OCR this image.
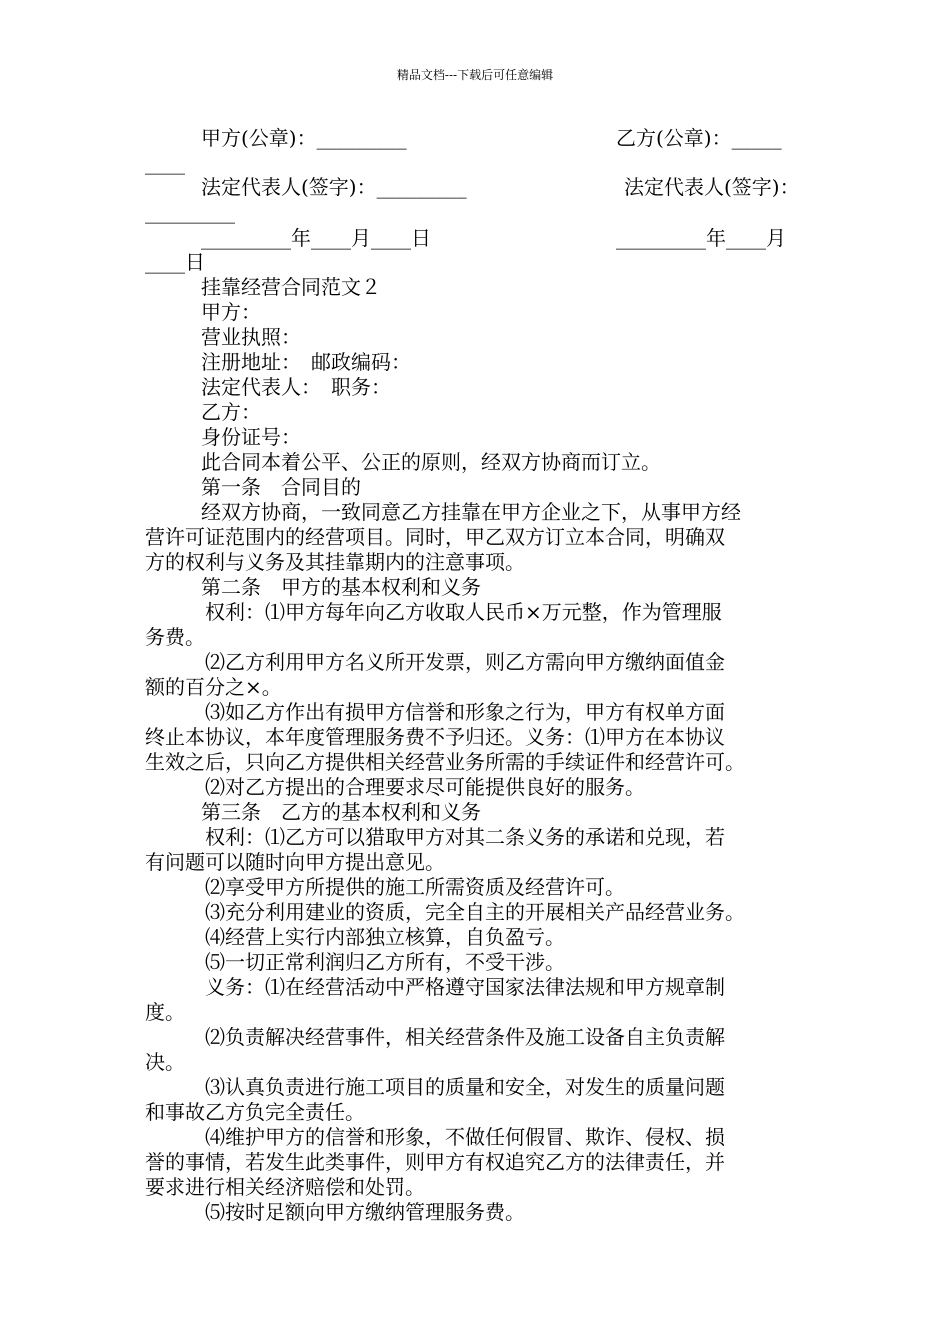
精品文档---下载后可任意编辑
甲方(公章)：_________	乙方(公章)：_____
____
法定代表人(签字)：_________	法定代表人(签字)：
_________
_________年____月____日	_________年____月
____日
挂靠经营合同范文２
甲方：
营业执照：
注册地址：　邮政编码：
法定代表人：　职务：
乙方：
身份证号：
此合同本着公平、公正的原则，经双方协商而订立。
第一条　合同目的
经双方协商，一致同意乙方挂靠在甲方企业之下，从事甲方经
营许可证范围内的经营项目。同时，甲乙双方订立本合同，明确双
方的权利与义务及其挂靠期内的注意事项。
第二条　甲方的基本权利和义务
权利：⑴甲方每年向乙方收取人民币×万元整，作为管理服
务费。
⑵乙方利用甲方名义所开发票，则乙方需向甲方缴纳面值金
额的百分之×。
⑶如乙方作出有损甲方信誉和形象之行为，甲方有权单方面
终止本协议，本年度管理服务费不予归还。义务：⑴甲方在本协议
生效之后，只向乙方提供相关经营业务所需的手续证件和经营许可。
⑵对乙方提出的合理要求尽可能提供良好的服务。
第三条　乙方的基本权利和义务
权利：⑴乙方可以猎取甲方对其二条义务的承诺和兑现，若
有问题可以随时向甲方提出意见。
⑵享受甲方所提供的施工所需资质及经营许可。
⑶充分利用建业的资质，完全自主的开展相关产品经营业务。
⑷经营上实行内部独立核算，自负盈亏。
⑸一切正常利润归乙方所有，不受干涉。
义务：⑴在经营活动中严格遵守国家法律法规和甲方规章制
度。
⑵负责解决经营事件，相关经营条件及施工设备自主负责解
决。
⑶认真负责进行施工项目的质量和安全，对发生的质量问题
和事故乙方负完全责任。
⑷维护甲方的信誉和形象，不做任何假冒、欺诈、侵权、损
誉的事情，若发生此类事件，则甲方有权追究乙方的法律责任，并
要求进行相关经济赔偿和处罚。
⑸按时足额向甲方缴纳管理服务费。
